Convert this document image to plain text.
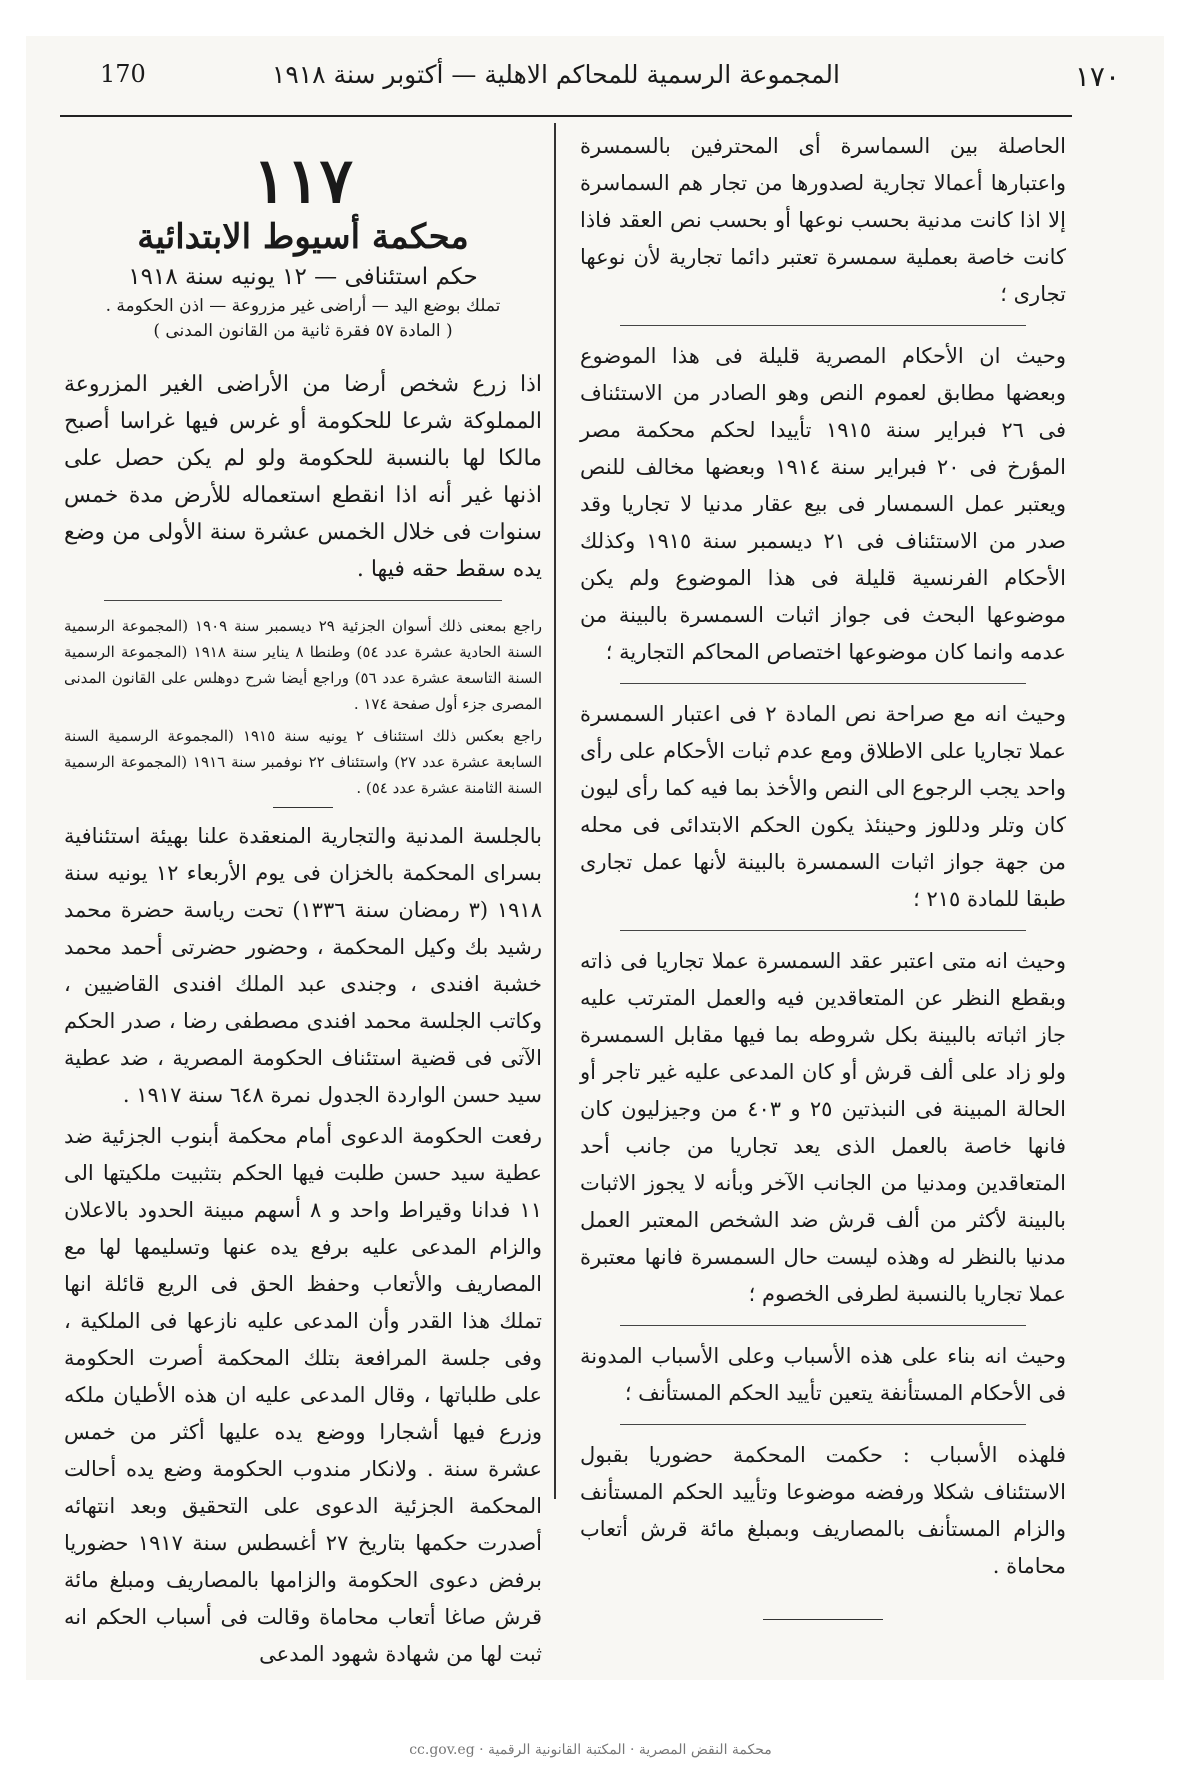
170	المجموعة الرسمية للمحاكم الاهلية — أكتوبر سنة ١٩١٨	١٧٠

الحاصلة بين السماسرة أى المحترفين بالسمسرة واعتبارها أعمالا تجارية لصدورها من تجار هم السماسرة إلا اذا كانت مدنية بحسب نوعها أو بحسب نص العقد فاذا كانت خاصة بعملية سمسرة تعتبر دائما تجارية لأن نوعها تجارى ؛

وحيث ان الأحكام المصرية قليلة فى هذا الموضوع وبعضها مطابق لعموم النص وهو الصادر من الاستئناف فى ٢٦ فبراير سنة ١٩١٥ تأييدا لحكم محكمة مصر المؤرخ فى ٢٠ فبراير سنة ١٩١٤ وبعضها مخالف للنص ويعتبر عمل السمسار فى بيع عقار مدنيا لا تجاريا وقد صدر من الاستئناف فى ٢١ ديسمبر سنة ١٩١٥ وكذلك الأحكام الفرنسية قليلة فى هذا الموضوع ولم يكن موضوعها البحث فى جواز اثبات السمسرة بالبينة من عدمه وانما كان موضوعها اختصاص المحاكم التجارية ؛

وحيث انه مع صراحة نص المادة ٢ فى اعتبار السمسرة عملا تجاريا على الاطلاق ومع عدم ثبات الأحكام على رأى واحد يجب الرجوع الى النص والأخذ بما فيه كما رأى ليون كان وتلر ودللوز وحينئذ يكون الحكم الابتدائى فى محله من جهة جواز اثبات السمسرة بالبينة لأنها عمل تجارى طبقا للمادة ٢١٥ ؛

وحيث انه متى اعتبر عقد السمسرة عملا تجاريا فى ذاته وبقطع النظر عن المتعاقدين فيه والعمل المترتب عليه جاز اثباته بالبينة بكل شروطه بما فيها مقابل السمسرة ولو زاد على ألف قرش أو كان المدعى عليه غير تاجر أو الحالة المبينة فى النبذتين ٢٥ و ٤٠٣ من وجيزليون كان فانها خاصة بالعمل الذى يعد تجاريا من جانب أحد المتعاقدين ومدنيا من الجانب الآخر وبأنه لا يجوز الاثبات بالبينة لأكثر من ألف قرش ضد الشخص المعتبر العمل مدنيا بالنظر له وهذه ليست حال السمسرة فانها معتبرة عملا تجاريا بالنسبة لطرفى الخصوم ؛

وحيث انه بناء على هذه الأسباب وعلى الأسباب المدونة فى الأحكام المستأنفة يتعين تأييد الحكم المستأنف ؛

فلهذه الأسباب : حكمت المحكمة حضوريا بقبول الاستئناف شكلا ورفضه موضوعا وتأييد الحكم المستأنف والزام المستأنف بالمصاريف وبمبلغ مائة قرش أتعاب محاماة .

١١٧
محكمة أسيوط الابتدائية
حكم استئنافى — ١٢ يونيه سنة ١٩١٨
تملك بوضع اليد — أراضى غير مزروعة — اذن الحكومة .
( المادة ٥٧ فقرة ثانية من القانون المدنى )

اذا زرع شخص أرضا من الأراضى الغير المزروعة المملوكة شرعا للحكومة أو غرس فيها غراسا أصبح مالكا لها بالنسبة للحكومة ولو لم يكن حصل على اذنها غير أنه اذا انقطع استعماله للأرض مدة خمس سنوات فى خلال الخمس عشرة سنة الأولى من وضع يده سقط حقه فيها .

راجع بمعنى ذلك أسوان الجزئية ٢٩ ديسمبر سنة ١٩٠٩ (المجموعة الرسمية السنة الحادية عشرة عدد ٥٤) وطنطا ٨ يناير سنة ١٩١٨ (المجموعة الرسمية السنة التاسعة عشرة عدد ٥٦) وراجع أيضا شرح دوهلس على القانون المدنى المصرى جزء أول صفحة ١٧٤ .

راجع بعكس ذلك استئناف ٢ يونيه سنة ١٩١٥ (المجموعة الرسمية السنة السابعة عشرة عدد ٢٧) واستئناف ٢٢ نوفمبر سنة ١٩١٦ (المجموعة الرسمية السنة الثامنة عشرة عدد ٥٤) .

بالجلسة المدنية والتجارية المنعقدة علنا بهيئة استئنافية بسراى المحكمة بالخزان فى يوم الأربعاء ١٢ يونيه سنة ١٩١٨ (٣ رمضان سنة ١٣٣٦) تحت رياسة حضرة محمد رشيد بك وكيل المحكمة ، وحضور حضرتى أحمد محمد خشبة افندى ، وجندى عبد الملك افندى القاضيين ، وكاتب الجلسة محمد افندى مصطفى رضا ، صدر الحكم الآتى فى قضية استئناف الحكومة المصرية ، ضد عطية سيد حسن الواردة الجدول نمرة ٦٤٨ سنة ١٩١٧ .

رفعت الحكومة الدعوى أمام محكمة أبنوب الجزئية ضد عطية سيد حسن طلبت فيها الحكم بتثبيت ملكيتها الى ١١ فدانا وقيراط واحد و ٨ أسهم مبينة الحدود بالاعلان والزام المدعى عليه برفع يده عنها وتسليمها لها مع المصاريف والأتعاب وحفظ الحق فى الريع قائلة انها تملك هذا القدر وأن المدعى عليه نازعها فى الملكية ، وفى جلسة المرافعة بتلك المحكمة أصرت الحكومة على طلباتها ، وقال المدعى عليه ان هذه الأطيان ملكه وزرع فيها أشجارا ووضع يده عليها أكثر من خمس عشرة سنة . ولانكار مندوب الحكومة وضع يده أحالت المحكمة الجزئية الدعوى على التحقيق وبعد انتهائه أصدرت حكمها بتاريخ ٢٧ أغسطس سنة ١٩١٧ حضوريا برفض دعوى الحكومة والزامها بالمصاريف ومبلغ مائة قرش صاغا أتعاب محاماة وقالت فى أسباب الحكم انه ثبت لها من شهادة شهود المدعى

cc.gov.eg · محكمة النقض المصرية · المكتبة القانونية الرقمية
